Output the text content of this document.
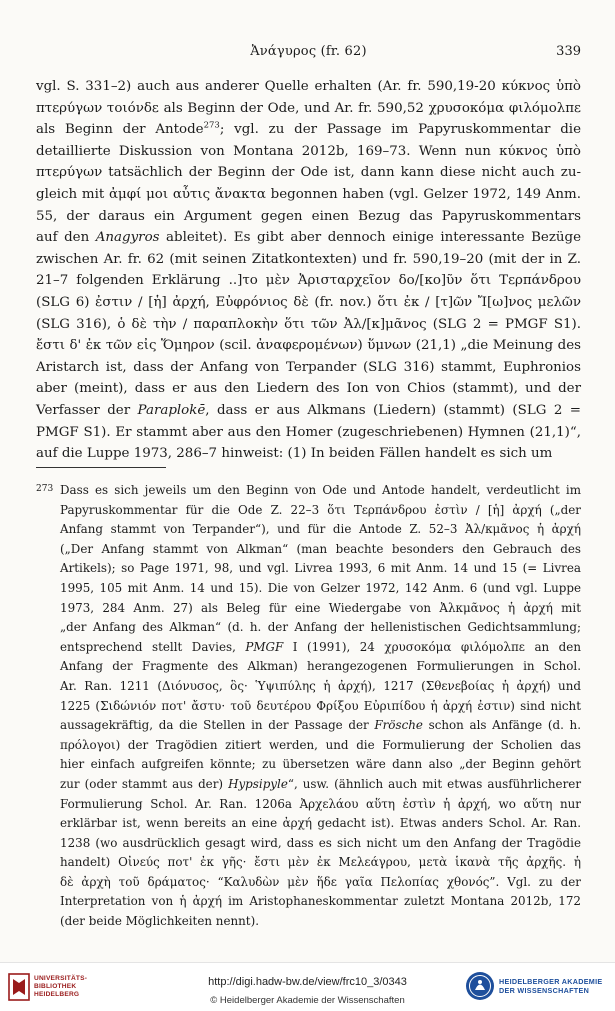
Ἀνάγυρος (fr. 62)	339
vgl. S. 331–2) auch aus anderer Quelle erhalten (Ar. fr. 590,19-20 κύκνος ὑπὸ
πτερύγων τοιόνδε als Beginn der Ode, und Ar. fr. 590,52 χρυσοκόμα φιλόμολπε
als Beginn der Antode$^{273}$; vgl. zu der Passage im Papyruskommentar die
detaillierte Diskussion von Montana 2012b, 169–73. Wenn nun κύκνος ὑπὸ
πτερύγων tatsächlich der Beginn der Ode ist, dann kann diese nicht auch zu-
gleich mit ἀμφί μοι αὖτις ἄνακτα begonnen haben (vgl. Gelzer 1972, 149 Anm.
55, der daraus ein Argument gegen einen Bezug das Papyruskommentars
auf den Anagyros ableitet). Es gibt aber dennoch einige interessante Bezüge
zwischen Ar. fr. 62 (mit seinen Zitatkontexten) und fr. 590,19–20 (mit der in Z.
21–7 folgenden Erklärung ..]το μὲν Ἀρισταρχεῖον δο/[κο]ῦν ὅτι Τερπάνδρου
(SLG 6) ἐστιν / [ἡ] ἀρχή, Εὐφρόνιος δὲ (fr. nov.) ὅτι ἐκ / [τ]ῶν Ἴ[ω]νος μελῶν
(SLG 316), ὁ δὲ τὴν / παραπλοκὴν ὅτι τῶν Ἀλ/[κ]μᾶνος (SLG 2 = PMGF S1).
ἔστι δ' ἐκ τῶν εἰς Ὅμηρον (scil. ἀναφερομένων) ὕμνων (21,1) „die Meinung des
Aristarch ist, dass der Anfang von Terpander (SLG 316) stammt, Euphronios
aber (meint), dass er aus den Liedern des Ion von Chios (stammt), und der
Verfasser der Paraplokē, dass er aus Alkmans (Liedern) (stammt) (SLG 2 =
PMGF S1). Er stammt aber aus den Homer (zugeschriebenen) Hymnen (21,1)“,
auf die Luppe 1973, 286–7 hinweist: (1) In beiden Fällen handelt es sich um
273 Dass es sich jeweils um den Beginn von Ode und Antode handelt, verdeutlicht im
Papyruskommentar für die Ode Z. 22–3 ὅτι Τερπάνδρου ἐστὶν / [ἡ] ἀρχή („der
Anfang stammt von Terpander“), und für die Antode Z. 52–3 Ἀλ/κμᾶνος ἡ ἀρχή
(„Der Anfang stammt von Alkman“ (man beachte besonders den Gebrauch des
Artikels); so Page 1971, 98, und vgl. Livrea 1993, 6 mit Anm. 14 und 15 (= Livrea
1995, 105 mit Anm. 14 und 15). Die von Gelzer 1972, 142 Anm. 6 (und vgl. Luppe
1973, 284 Anm. 27) als Beleg für eine Wiedergabe von Ἀλκμᾶνος ἡ ἀρχή mit
„der Anfang des Alkman“ (d. h. der Anfang der hellenistischen Gedichtsammlung;
entsprechend stellt Davies, PMGF I (1991), 24 χρυσοκόμα φιλόμολπε an den
Anfang der Fragmente des Alkman) herangezogenen Formulierungen in Schol.
Ar. Ran. 1211 (Διόνυσος, ὃς· Ὑψιπύλης ἡ ἀρχή), 1217 (Σθενεβοίας ἡ ἀρχή) und
1225 (Σιδώνιόν ποτ' ἄστυ· τοῦ δευτέρου Φρίξου Εὐριπίδου ἡ ἀρχή ἐστιν) sind nicht
aussagekräftig, da die Stellen in der Passage der Frösche schon als Anfänge (d. h.
πρόλογοι) der Tragödien zitiert werden, und die Formulierung der Scholien das
hier einfach aufgreifen könnte; zu übersetzen wäre dann also „der Beginn gehört
zur (oder stammt aus der) Hypsipyle“, usw. (ähnlich auch mit etwas ausführlicherer
Formulierung Schol. Ar. Ran. 1206a Ἀρχελάου αὕτη ἐστὶν ἡ ἀρχή, wo αὕτη nur
erklärbar ist, wenn bereits an eine ἀρχή gedacht ist). Etwas anders Schol. Ar. Ran.
1238 (wo ausdrücklich gesagt wird, dass es sich nicht um den Anfang der Tragödie
handelt) Οἰνεύς ποτ' ἐκ γῆς· ἔστι μὲν ἐκ Μελεάγρου, μετὰ ἱκανὰ τῆς ἀρχῆς. ἡ
δὲ ἀρχὴ τοῦ δράματος· “Καλυδὼν μὲν ἥδε γαῖα Πελοπίας χθονός”. Vgl. zu der
Interpretation von ἡ ἀρχή im Aristophaneskommentar zuletzt Montana 2012b, 172
(der beide Möglichkeiten nennt).
UNIVERSITÄTS-
BIBLIOTHEK
HEIDELBERG
http://digi.hadw-bw.de/view/frc10_3/0343
© Heidelberger Akademie der Wissenschaften
HEIDELBERGER AKADEMIE
DER WISSENSCHAFTEN
